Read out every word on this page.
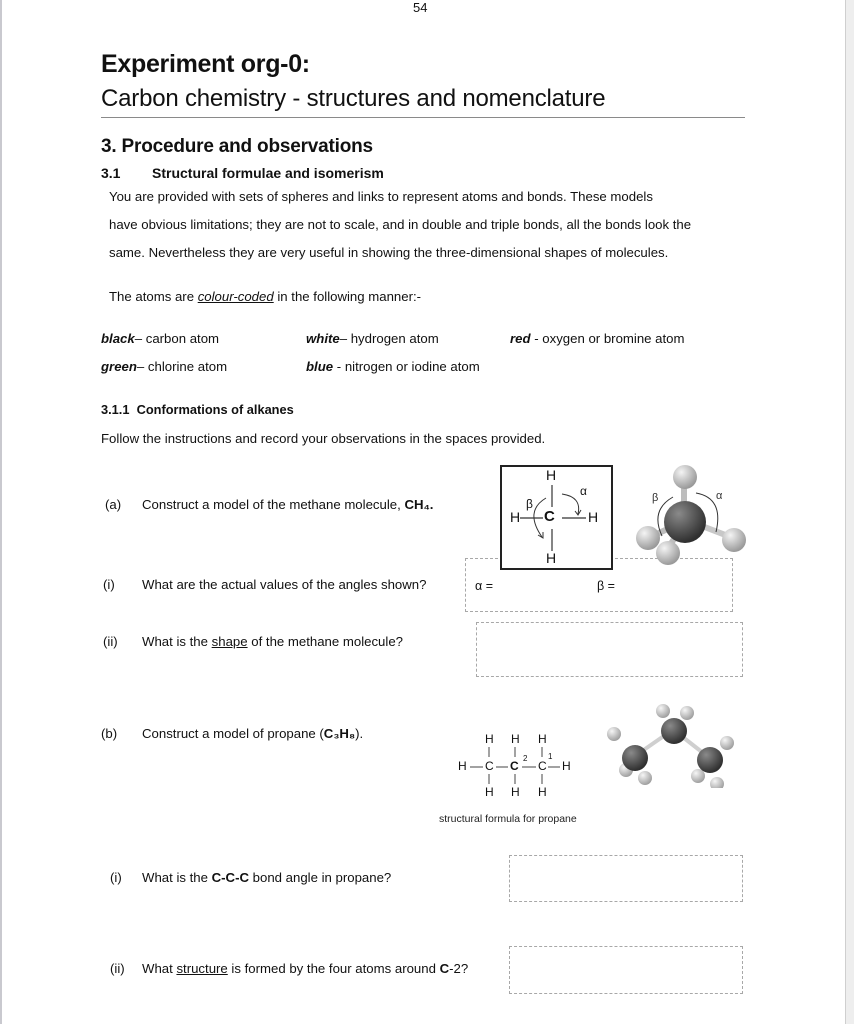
54
Experiment org-0:
Carbon chemistry - structures and nomenclature
3. Procedure and observations
3.1 Structural formulae and isomerism
You are provided with sets of spheres and links to represent atoms and bonds. These models
have obvious limitations; they are not to scale, and in double and triple bonds, all the bonds look the
same. Nevertheless they are very useful in showing the three-dimensional shapes of molecules.
The atoms are colour-coded in the following manner:-
black– carbon atom	white– hydrogen atom	red - oxygen or bromine atom
green– chlorine atom	blue - nitrogen or iodine atom
3.1.1 Conformations of alkanes
Follow the instructions and record your observations in the spaces provided.
(a) Construct a model of the methane molecule, CH₄.
α =	β =
H
H C H
H
α
β	β	α
(i) What are the actual values of the angles shown?
(ii) What is the shape of the methane molecule?
(b) Construct a model of propane (C₃H₈).	H H H
H C C C H
H H H
2	1
structural formula for propane
(i) What is the C-C-C bond angle in propane?
(ii) What structure is formed by the four atoms around C-2?
